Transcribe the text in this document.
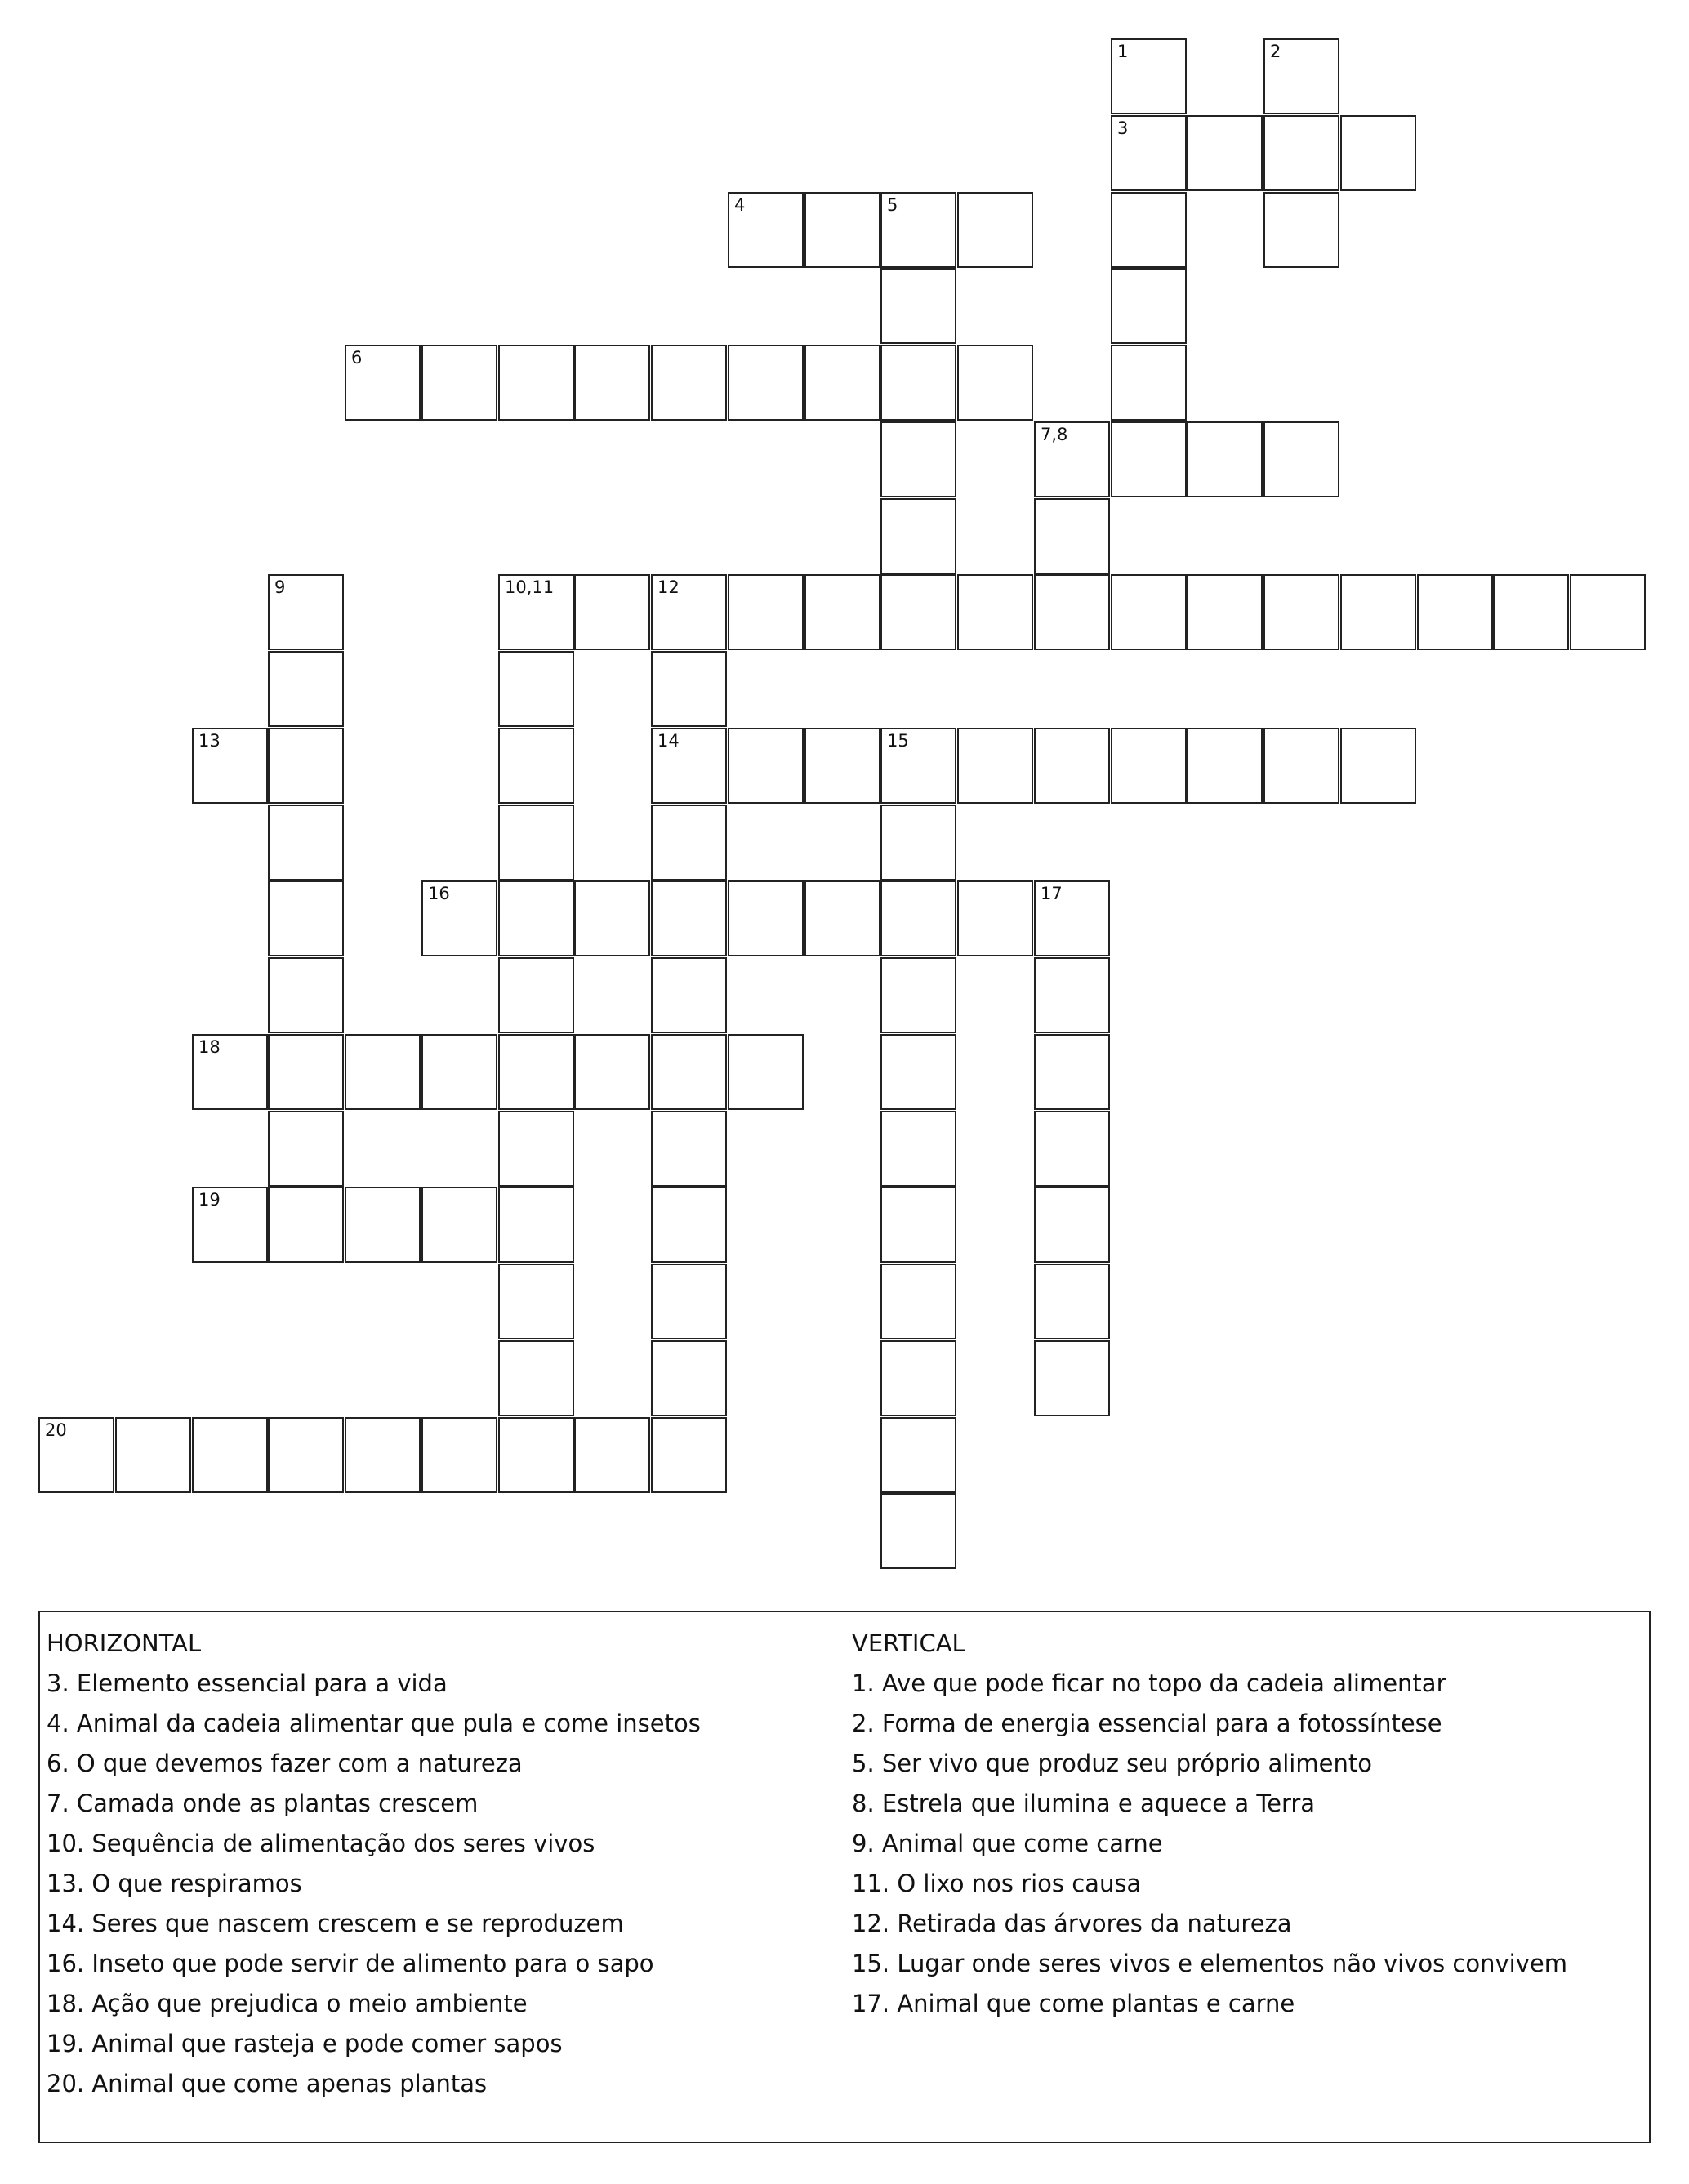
3
4	5
6
7,8
10,11	12
13	14	15
16	17
18
19
20
1	2
9
HORIZONTAL
3. Elemento essencial para a vida
4. Animal da cadeia alimentar que pula e come insetos
6. O que devemos fazer com a natureza
7. Camada onde as plantas crescem
10. Sequência de alimentação dos seres vivos
13. O que respiramos
14. Seres que nascem crescem e se reproduzem
16. Inseto que pode servir de alimento para o sapo
18. Ação que prejudica o meio ambiente
19. Animal que rasteja e pode comer sapos
20. Animal que come apenas plantas
VERTICAL
1. Ave que pode ficar no topo da cadeia alimentar
2. Forma de energia essencial para a fotossíntese
5. Ser vivo que produz seu próprio alimento
8. Estrela que ilumina e aquece a Terra
9. Animal que come carne
11. O lixo nos rios causa
12. Retirada das árvores da natureza
15. Lugar onde seres vivos e elementos não vivos convivem
17. Animal que come plantas e carne
